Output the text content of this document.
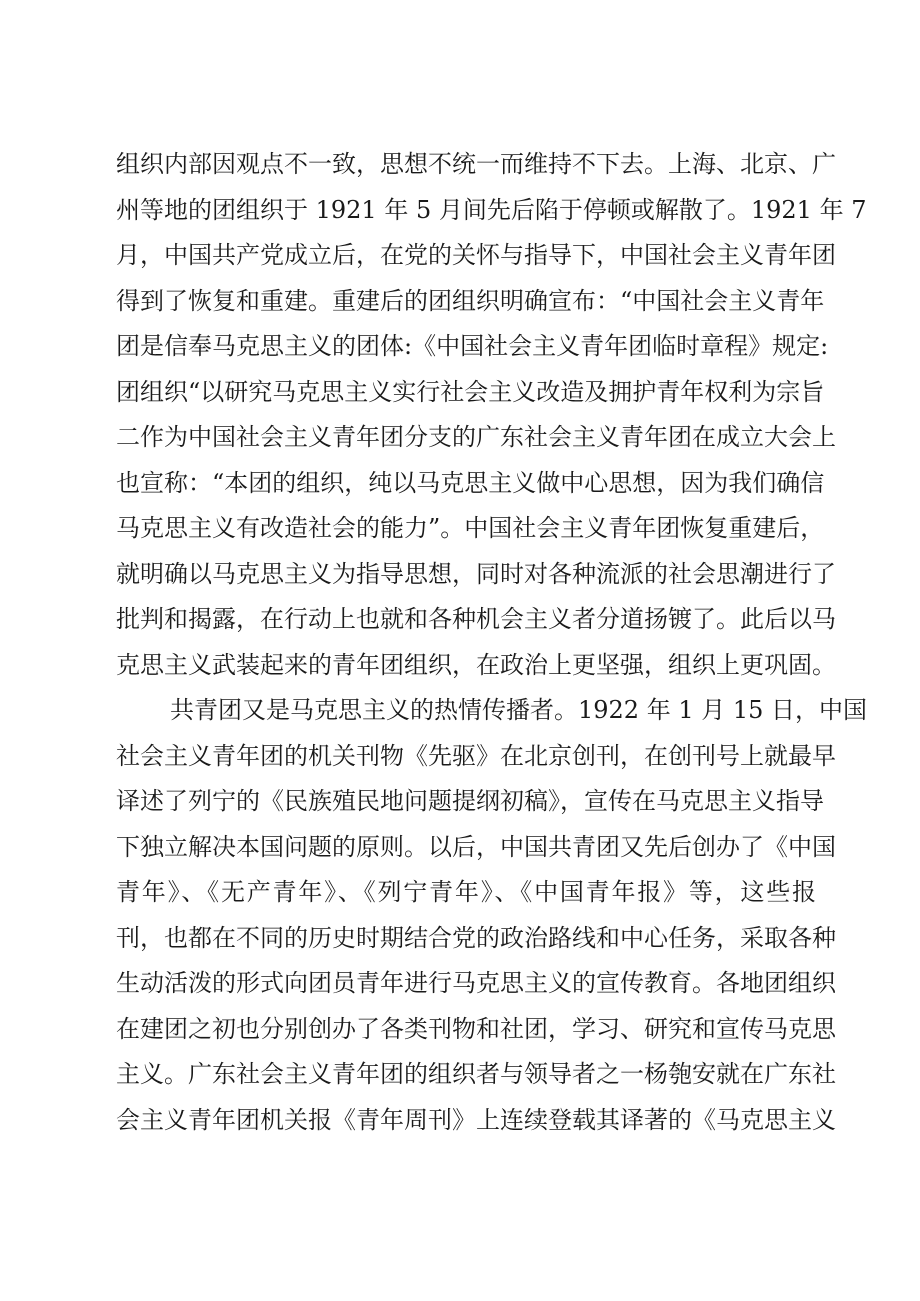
组织内部因观点不一致，思想不统一而维持不下去。上海、北京、广
州等地的团组织于 1921 年 5 月间先后陷于停顿或解散了。1921 年 7
月，中国共产党成立后，在党的关怀与指导下，中国社会主义青年团
得到了恢复和重建。重建后的团组织明确宣布：“中国社会主义青年
团是信奉马克思主义的团体:《中国社会主义青年团临时章程》规定:
团组织“以研究马克思主义实行社会主义改造及拥护青年权利为宗旨
二作为中国社会主义青年团分支的广东社会主义青年团在成立大会上
也宣称：“本团的组织，纯以马克思主义做中心思想，因为我们确信
马克思主义有改造社会的能力”。中国社会主义青年团恢复重建后，
就明确以马克思主义为指导思想，同时对各种流派的社会思潮进行了
批判和揭露，在行动上也就和各种机会主义者分道扬镀了。此后以马
克思主义武装起来的青年团组织，在政治上更坚强，组织上更巩固。
共青团又是马克思主义的热情传播者。1922 年 1 月 15 日，中国
社会主义青年团的机关刊物《先驱》在北京创刊，在创刊号上就最早
译述了列宁的《民族殖民地问题提纲初稿》，宣传在马克思主义指导
下独立解决本国问题的原则。以后，中国共青团又先后创办了《中国
青年》、《无产青年》、《列宁青年》、《中国青年报》等，这些报
刊，也都在不同的历史时期结合党的政治路线和中心任务，采取各种
生动活泼的形式向团员青年进行马克思主义的宣传教育。各地团组织
在建团之初也分别创办了各类刊物和社团，学习、研究和宣传马克思
主义。广东社会主义青年团的组织者与领导者之一杨匏安就在广东社
会主义青年团机关报《青年周刊》上连续登载其译著的《马克思主义
